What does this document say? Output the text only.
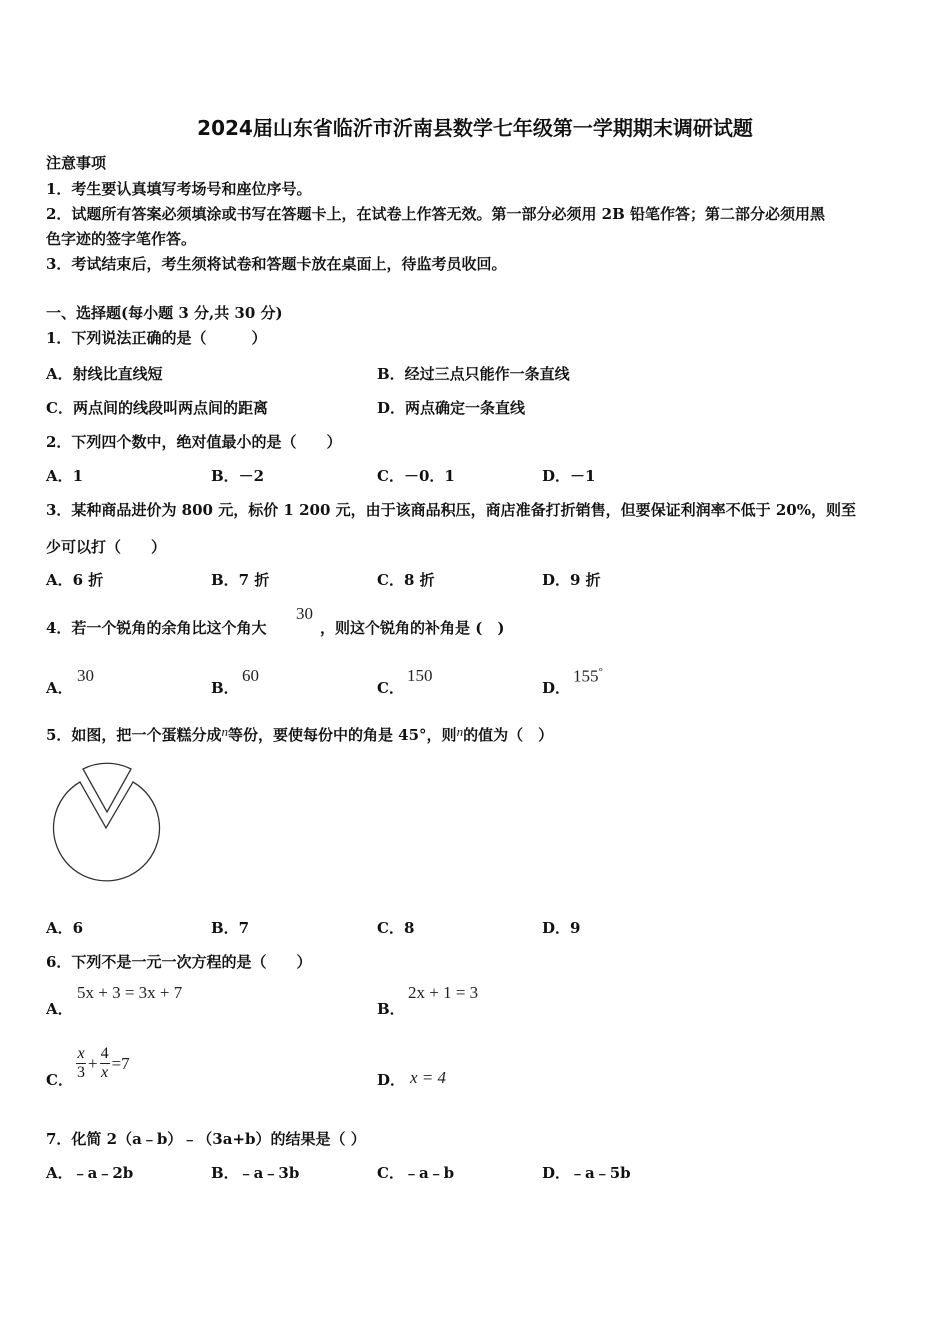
2024届山东省临沂市沂南县数学七年级第一学期期末调研试题
注意事项
1．考生要认真填写考场号和座位序号。
2．试题所有答案必须填涂或书写在答题卡上，在试卷上作答无效。第一部分必须用 2B 铅笔作答；第二部分必须用黑
色字迹的签字笔作答。
3．考试结束后，考生须将试卷和答题卡放在桌面上，待监考员收回。
一、选择题(每小题 3 分,共 30 分)
1．下列说法正确的是（　　　）
A．射线比直线短	B．经过三点只能作一条直线
C．两点间的线段叫两点间的距离	D．两点确定一条直线
2．下列四个数中，绝对值最小的是（　　）
A．1	B．－2	C．－0．1	D．－1
3．某种商品进价为 800 元，标价 1 200 元，由于该商品积压，商店准备打折销售，但要保证利润率不低于 20%，则至
少可以打（　　）
A．6 折	B．7 折	C．8 折	D．9 折
4．若一个锐角的余角比这个角大
30
，则这个锐角的补角是 (　)
A．
30
B．
60
C．
150
D．
155°
5．如图，把一个蛋糕分成n等份，要使每份中的角是 45°，则n的值为（　）
A．6	B．7	C．8	D．9
6．下列不是一元一次方程的是（　　）
A．
5x + 3 = 3x + 7
B．
2x + 1 = 3
C． $\frac{x}{3} + \frac{4}{x} =7$
D． x = 4
7．化简 2（a﹣b）﹣（3a+b）的结果是（ ）
A．﹣a﹣2b	B．﹣a﹣3b	C．﹣a﹣b	D．﹣a﹣5b
